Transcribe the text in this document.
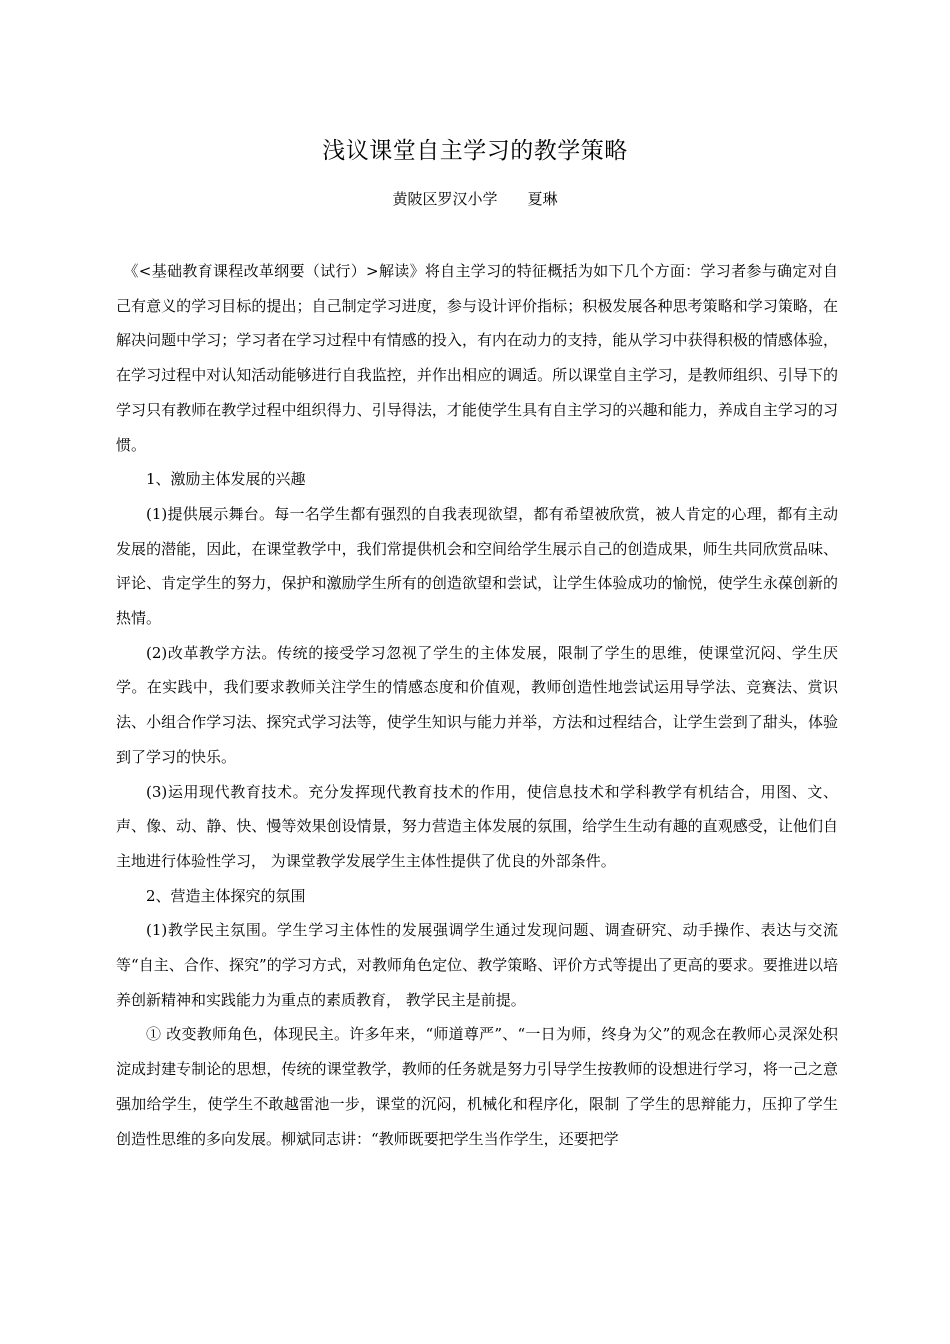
浅议课堂自主学习的教学策略

黄陂区罗汉小学 夏琳

《<基础教育课程改革纲要（试行）>解读》将自主学习的特征概括为如下几个方面：学习者参与确定对自己有意义的学习目标的提出；自己制定学习进度，参与设计评价指标；积极发展各种思考策略和学习策略，在解决问题中学习；学习者在学习过程中有情感的投入，有内在动力的支持，能从学习中获得积极的情感体验，在学习过程中对认知活动能够进行自我监控，并作出相应的调适。所以课堂自主学习，是教师组织、引导下的学习只有教师在教学过程中组织得力、引导得法，才能使学生具有自主学习的兴趣和能力，养成自主学习的习惯。

1、激励主体发展的兴趣

(1)提供展示舞台。每一名学生都有强烈的自我表现欲望，都有希望被欣赏，被人肯定的心理，都有主动发展的潜能，因此，在课堂教学中，我们常提供机会和空间给学生展示自己的创造成果，师生共同欣赏品味、评论、肯定学生的努力，保护和激励学生所有的创造欲望和尝试，让学生体验成功的愉悦，使学生永葆创新的热情。

(2)改革教学方法。传统的接受学习忽视了学生的主体发展，限制了学生的思维，使课堂沉闷、学生厌学。在实践中，我们要求教师关注学生的情感态度和价值观，教师创造性地尝试运用导学法、竞赛法、赏识法、小组合作学习法、探究式学习法等，使学生知识与能力并举，方法和过程结合，让学生尝到了甜头，体验到了学习的快乐。

(3)运用现代教育技术。充分发挥现代教育技术的作用，使信息技术和学科教学有机结合，用图、文、声、像、动、静、快、慢等效果创设情景，努力营造主体发展的氛围，给学生生动有趣的直观感受，让他们自主地进行体验性学习， 为课堂教学发展学生主体性提供了优良的外部条件。

2、营造主体探究的氛围

(1)教学民主氛围。学生学习主体性的发展强调学生通过发现问题、调查研究、动手操作、表达与交流等“自主、合作、探究”的学习方式，对教师角色定位、教学策略、评价方式等提出了更高的要求。要推进以培养创新精神和实践能力为重点的素质教育， 教学民主是前提。

① 改变教师角色，体现民主。许多年来，“师道尊严”、“一日为师，终身为父”的观念在教师心灵深处积淀成封建专制论的思想，传统的课堂教学，教师的任务就是努力引导学生按教师的设想进行学习，将一己之意强加给学生，使学生不敢越雷池一步，课堂的沉闷，机械化和程序化，限制 了学生的思辩能力，压抑了学生创造性思维的多向发展。柳斌同志讲：“教师既要把学生当作学生，还要把学
